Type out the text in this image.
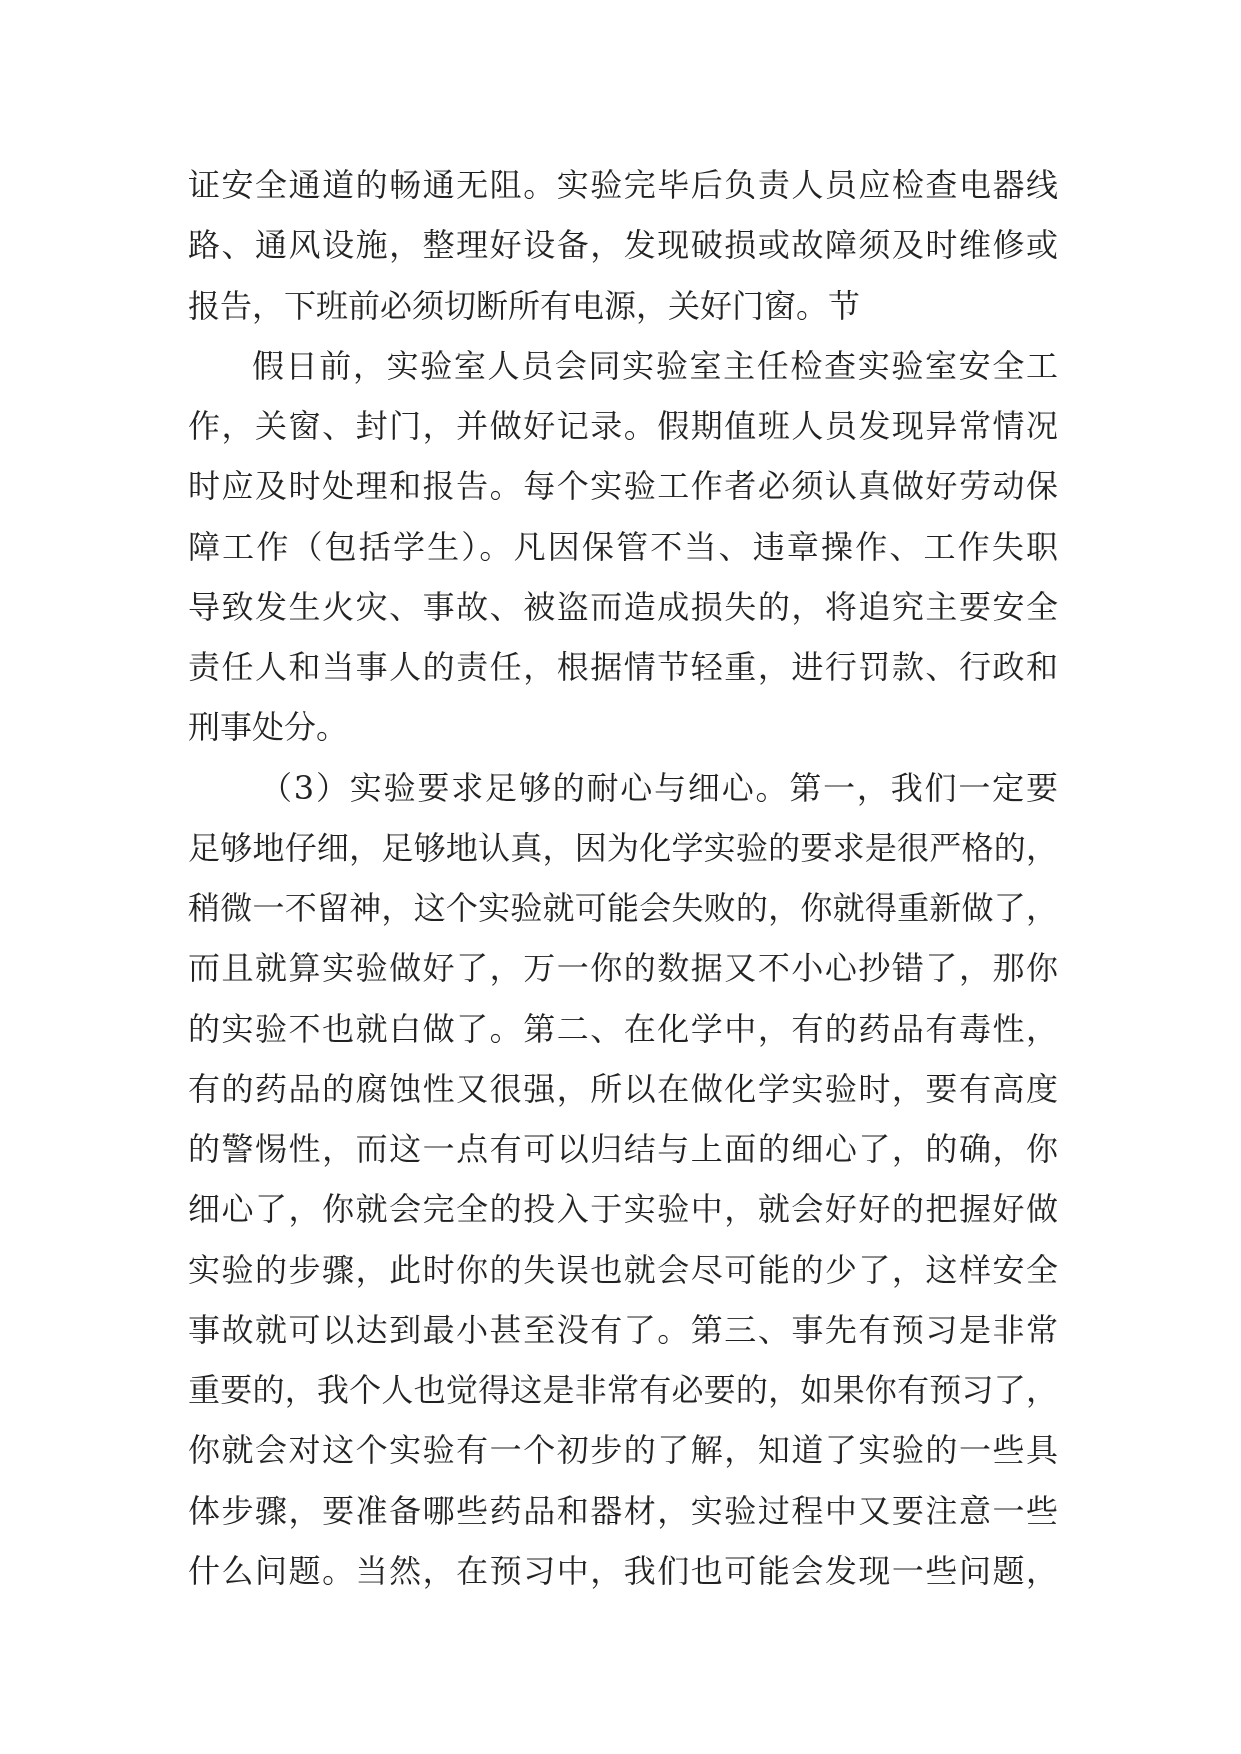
证安全通道的畅通无阻。实验完毕后负责人员应检查电器线
路、通风设施，整理好设备，发现破损或故障须及时维修或
报告，下班前必须切断所有电源，关好门窗。节
假日前，实验室人员会同实验室主任检查实验室安全工
作，关窗、封门，并做好记录。假期值班人员发现异常情况
时应及时处理和报告。每个实验工作者必须认真做好劳动保
障工作（包括学生）。凡因保管不当、违章操作、工作失职
导致发生火灾、事故、被盗而造成损失的，将追究主要安全
责任人和当事人的责任，根据情节轻重，进行罚款、行政和
刑事处分。
（3）实验要求足够的耐心与细心。第一，我们一定要
足够地仔细，足够地认真，因为化学实验的要求是很严格的，
稍微一不留神，这个实验就可能会失败的，你就得重新做了，
而且就算实验做好了，万一你的数据又不小心抄错了，那你
的实验不也就白做了。第二、在化学中，有的药品有毒性，
有的药品的腐蚀性又很强，所以在做化学实验时，要有高度
的警惕性，而这一点有可以归结与上面的细心了，的确，你
细心了，你就会完全的投入于实验中，就会好好的把握好做
实验的步骤，此时你的失误也就会尽可能的少了，这样安全
事故就可以达到最小甚至没有了。第三、事先有预习是非常
重要的，我个人也觉得这是非常有必要的，如果你有预习了，
你就会对这个实验有一个初步的了解，知道了实验的一些具
体步骤，要准备哪些药品和器材，实验过程中又要注意一些
什么问题。当然，在预习中，我们也可能会发现一些问题，
